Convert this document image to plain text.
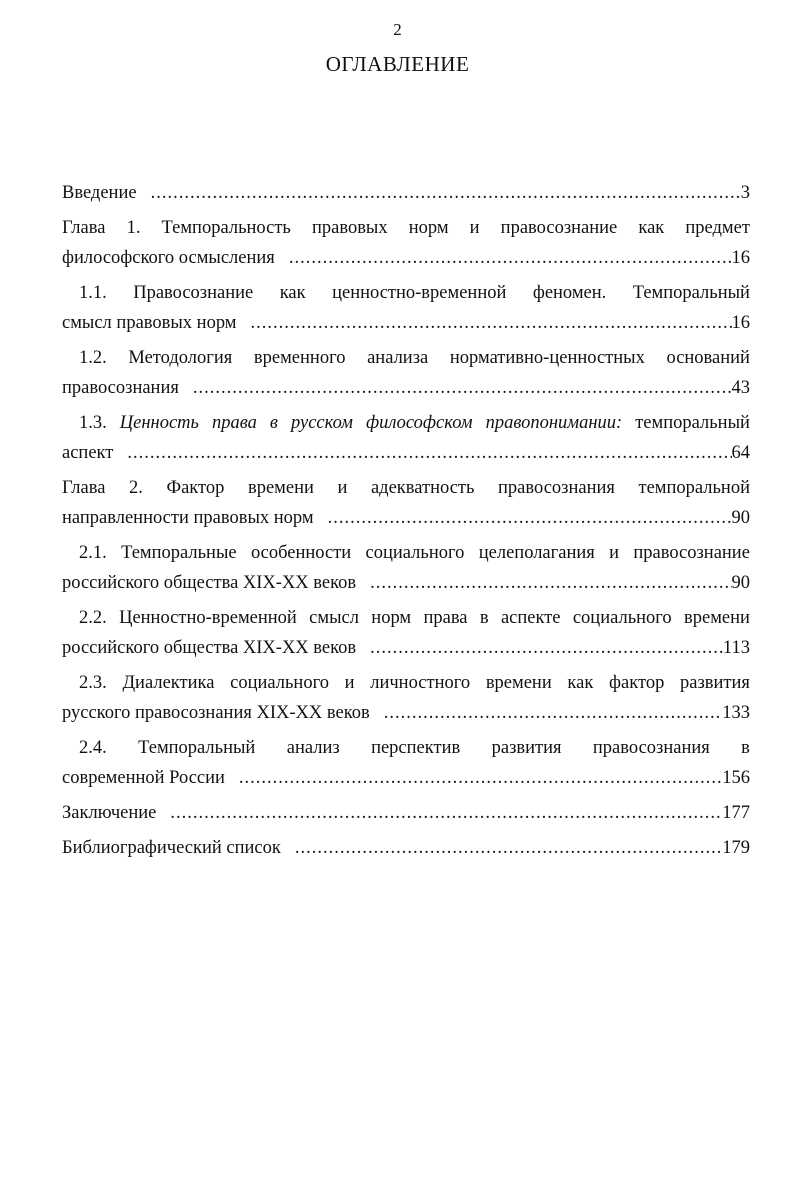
2
ОГЛАВЛЕНИЕ
Введение .....	3
Глава 1. Темпоральность правовых норм и правосознание как предмет
философского осмысления .....	16
1.1. Правосознание как ценностно-временной феномен. Темпоральный
смысл правовых норм .....	16
1.2. Методология временного анализа нормативно-ценностных оснований
правосознания .....	43
1.3. Ценность права в русском философском правопонимании: темпоральный
аспект .....	64
Глава 2. Фактор времени и адекватность правосознания темпоральной
направленности правовых норм .....	90
2.1. Темпоральные особенности социального целеполагания и правосознание
российского общества XIX-XX веков .....	90
2.2. Ценностно-временной смысл норм права в аспекте социального времени
российского общества XIX-XX веков .....	113
2.3. Диалектика социального и личностного времени как фактор развития
русского правосознания XIX-XX веков .....	133
2.4. Темпоральный анализ перспектив развития правосознания в
современной России .....	156
Заключение .....	177
Библиографический список .....	179
